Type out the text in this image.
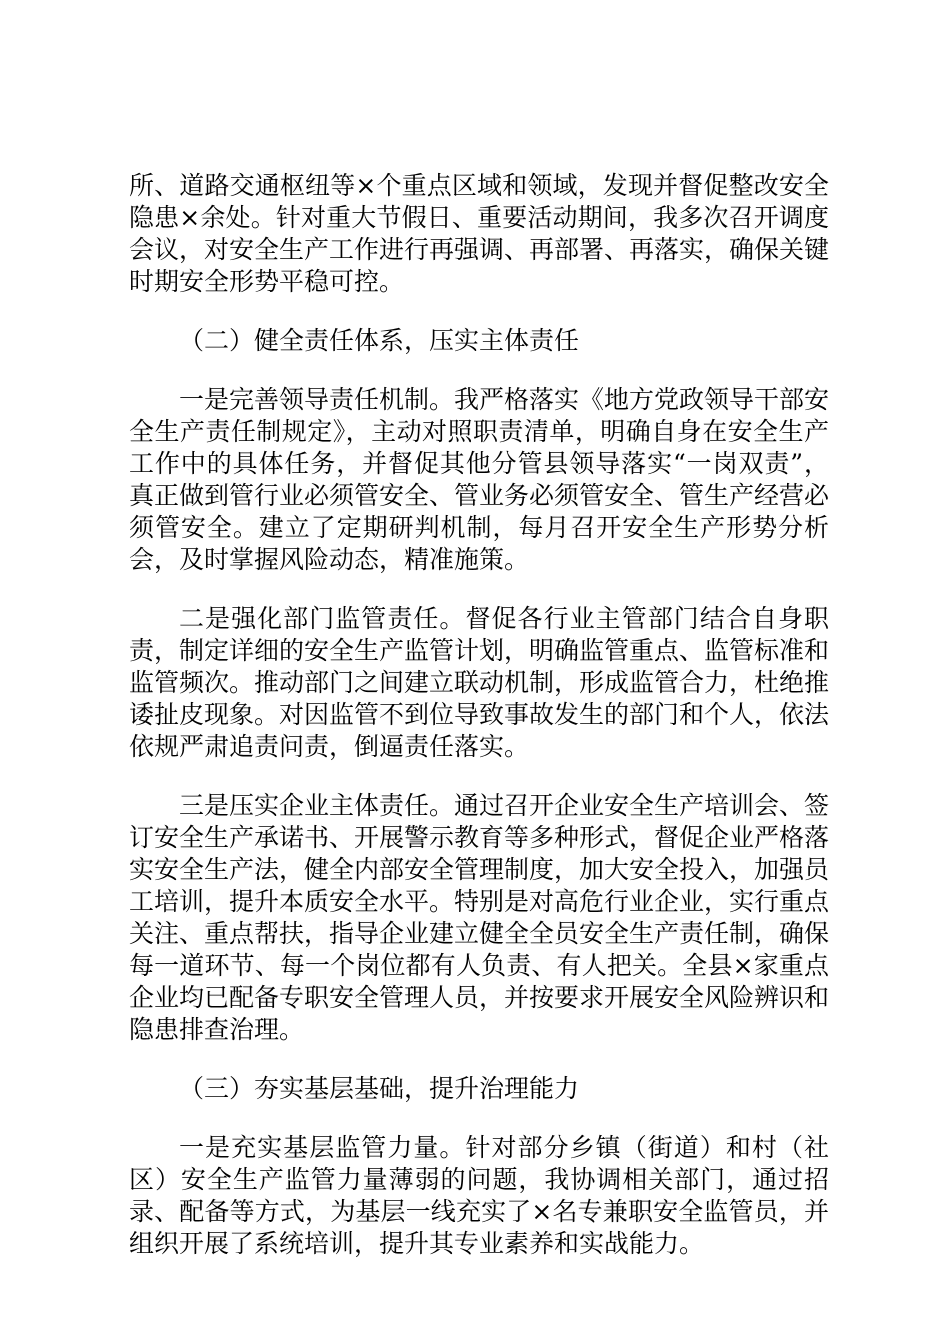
所、道路交通枢纽等×个重点区域和领域，发现并督促整改安全隐患×余处。针对重大节假日、重要活动期间，我多次召开调度会议，对安全生产工作进行再强调、再部署、再落实，确保关键时期安全形势平稳可控。

（二）健全责任体系，压实主体责任

一是完善领导责任机制。我严格落实《地方党政领导干部安全生产责任制规定》，主动对照职责清单，明确自身在安全生产工作中的具体任务，并督促其他分管县领导落实“一岗双责”，真正做到管行业必须管安全、管业务必须管安全、管生产经营必须管安全。建立了定期研判机制，每月召开安全生产形势分析会，及时掌握风险动态，精准施策。

二是强化部门监管责任。督促各行业主管部门结合自身职责，制定详细的安全生产监管计划，明确监管重点、监管标准和监管频次。推动部门之间建立联动机制，形成监管合力，杜绝推诿扯皮现象。对因监管不到位导致事故发生的部门和个人，依法依规严肃追责问责，倒逼责任落实。

三是压实企业主体责任。通过召开企业安全生产培训会、签订安全生产承诺书、开展警示教育等多种形式，督促企业严格落实安全生产法，健全内部安全管理制度，加大安全投入，加强员工培训，提升本质安全水平。特别是对高危行业企业，实行重点关注、重点帮扶，指导企业建立健全全员安全生产责任制，确保每一道环节、每一个岗位都有人负责、有人把关。全县×家重点企业均已配备专职安全管理人员，并按要求开展安全风险辨识和隐患排查治理。

（三）夯实基层基础，提升治理能力

一是充实基层监管力量。针对部分乡镇（街道）和村（社区）安全生产监管力量薄弱的问题，我协调相关部门，通过招录、配备等方式，为基层一线充实了×名专兼职安全监管员，并组织开展了系统培训，提升其专业素养和实战能力。
